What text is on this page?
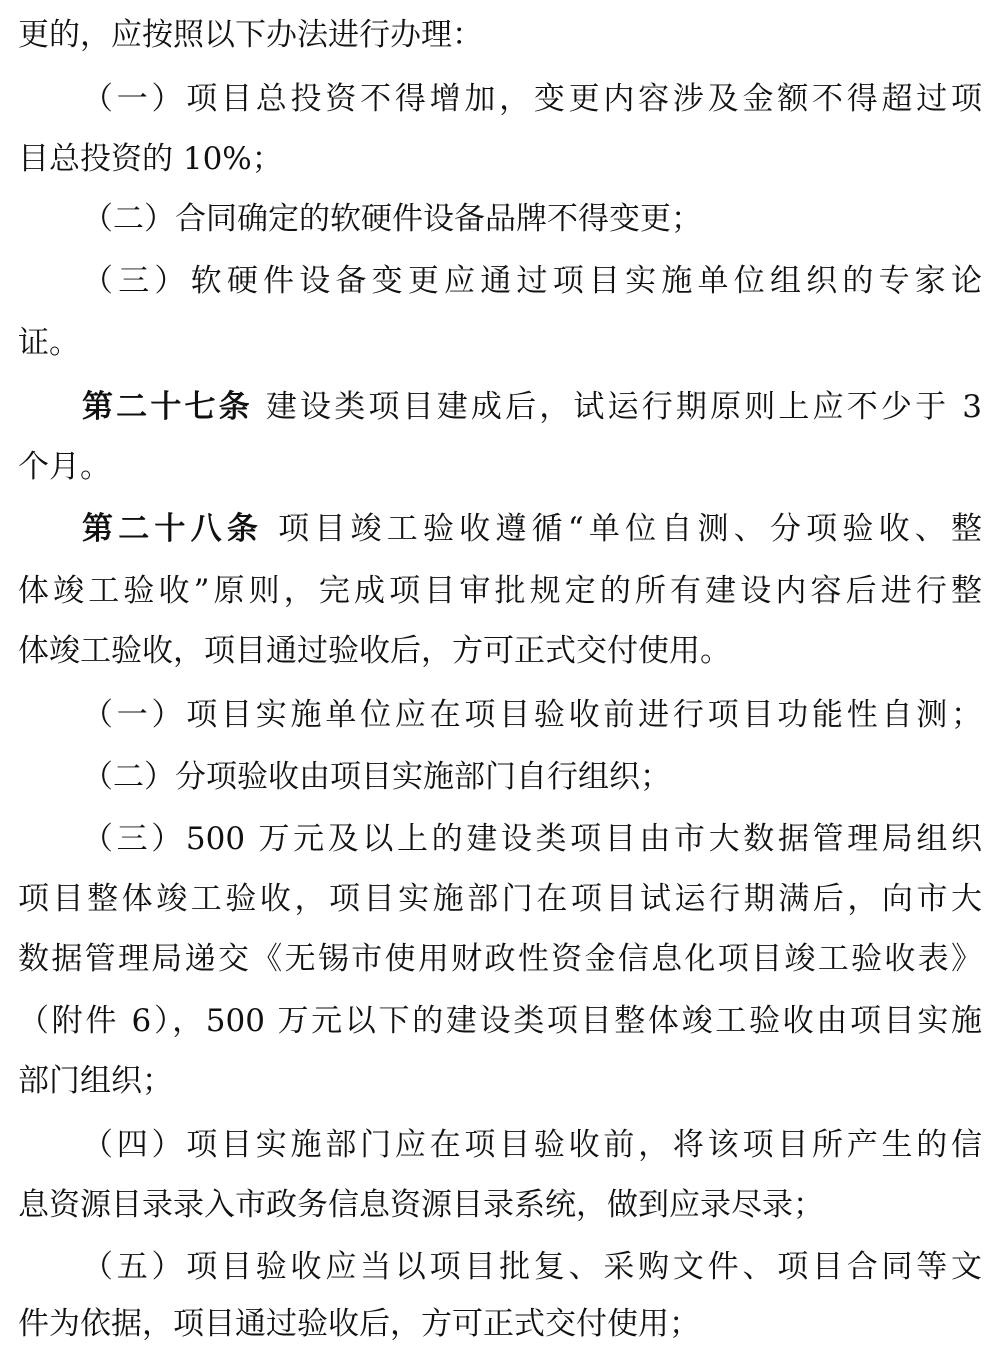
更的，应按照以下办法进行办理：
（一）项目总投资不得增加，变更内容涉及金额不得超过项
目总投资的 10%；
（二）合同确定的软硬件设备品牌不得变更；
（三）软硬件设备变更应通过项目实施单位组织的专家论
证。
第二十七条 建设类项目建成后，试运行期原则上应不少于 3
个月。
第二十八条 项目竣工验收遵循“单位自测、分项验收、整
体竣工验收”原则，完成项目审批规定的所有建设内容后进行整
体竣工验收，项目通过验收后，方可正式交付使用。
（一）项目实施单位应在项目验收前进行项目功能性自测；
（二）分项验收由项目实施部门自行组织；
（三）500 万元及以上的建设类项目由市大数据管理局组织
项目整体竣工验收，项目实施部门在项目试运行期满后，向市大
数据管理局递交《无锡市使用财政性资金信息化项目竣工验收表》
（附件 6），500 万元以下的建设类项目整体竣工验收由项目实施
部门组织；
（四）项目实施部门应在项目验收前，将该项目所产生的信
息资源目录录入市政务信息资源目录系统，做到应录尽录；
（五）项目验收应当以项目批复、采购文件、项目合同等文
件为依据，项目通过验收后，方可正式交付使用；
